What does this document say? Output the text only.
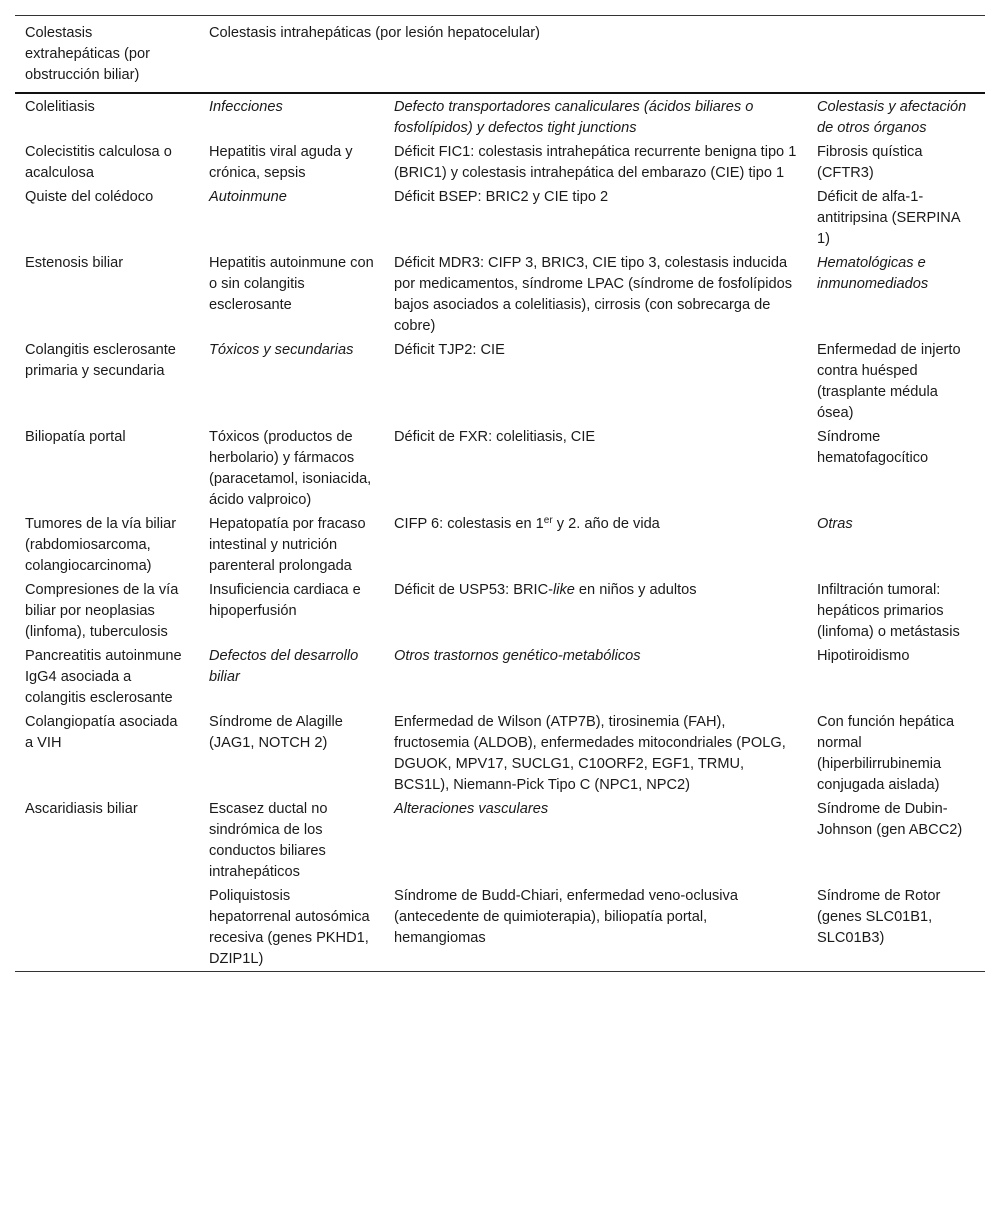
Colestasis extrahepáticas (por obstrucción biliar)	Colestasis intrahepáticas (por lesión hepatocelular)		
Colelitiasis	Infecciones	Defecto transportadores canaliculares (ácidos biliares o fosfolípidos) y defectos tight junctions	Colestasis y afectación de otros órganos
Colecistitis calculosa o acalculosa	Hepatitis viral aguda y crónica, sepsis	Déficit FIC1: colestasis intrahepática recurrente benigna tipo 1 (BRIC1) y colestasis intrahepática del embarazo (CIE) tipo 1	Fibrosis quística (CFTR3)
Quiste del colédoco	Autoinmune	Déficit BSEP: BRIC2 y CIE tipo 2	Déficit de alfa-1-antitripsina (SERPINA 1)
Estenosis biliar	Hepatitis autoinmune con o sin colangitis esclerosante	Déficit MDR3: CIFP 3, BRIC3, CIE tipo 3, colestasis inducida por medicamentos, síndrome LPAC (síndrome de fosfolípidos bajos asociados a colelitiasis), cirrosis (con sobrecarga de cobre)	Hematológicas e inmunomediados
Colangitis esclerosante primaria y secundaria	Tóxicos y secundarias	Déficit TJP2: CIE	Enfermedad de injerto contra huésped (trasplante médula ósea)
Biliopatía portal	Tóxicos (productos de herbolario) y fármacos (paracetamol, isoniacida, ácido valproico)	Déficit de FXR: colelitiasis, CIE	Síndrome hematofagocítico
Tumores de la vía biliar (rabdomiosarcoma, colangiocarcinoma)	Hepatopatía por fracaso intestinal y nutrición parenteral prolongada	CIFP 6: colestasis en 1er y 2. año de vida	Otras
Compresiones de la vía biliar por neoplasias (linfoma), tuberculosis	Insuficiencia cardiaca e hipoperfusión	Déficit de USP53: BRIC-like en niños y adultos	Infiltración tumoral: hepáticos primarios (linfoma) o metástasis
Pancreatitis autoinmune IgG4 asociada a colangitis esclerosante	Defectos del desarrollo biliar	Otros trastornos genético-metabólicos	Hipotiroidismo
Colangiopatía asociada a VIH	Síndrome de Alagille (JAG1, NOTCH 2)	Enfermedad de Wilson (ATP7B), tirosinemia (FAH), fructosemia (ALDOB), enfermedades mitocondriales (POLG, DGUOK, MPV17, SUCLG1, C10ORF2, EGF1, TRMU, BCS1L), Niemann-Pick Tipo C (NPC1, NPC2)	Con función hepática normal (hiperbilirrubinemia conjugada aislada)
Ascaridiasis biliar	Escasez ductal no sindrómica de los conductos biliares intrahepáticos	Alteraciones vasculares	Síndrome de Dubin-Johnson (gen ABCC2)
	Poliquistosis hepatorrenal autosómica recesiva (genes PKHD1, DZIP1L)	Síndrome de Budd-Chiari, enfermedad veno-oclusiva (antecedente de quimioterapia), biliopatía portal, hemangiomas	Síndrome de Rotor (genes SLC01B1, SLC01B3)
